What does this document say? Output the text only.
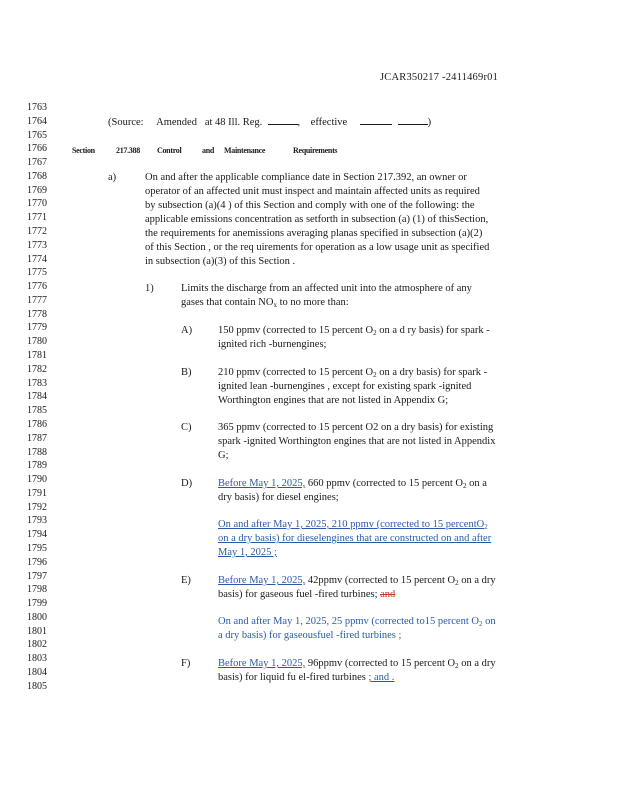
JCAR350217 -2411469r01
1763
1764
1765
1766
1767
1768
1769
1770
1771
1772
1773
1774
1775
1776
1777
1778
1779
1780
1781
1782
1783
1784
1785
1786
1787
1788
1789
1790
1791
1792
1793
1794
1795
1796
1797
1798
1799
1800
1801
1802
1803
1804
1805
(Source: Amended at 48 Ill. Reg.	, effective	)
Section	217.388 Control	and Maintenance	Requirements
a)	On and after the applicable compliance date in Section 217.392, an owner or
operator of an affected unit must inspect and maintain affected units as required
by subsection (a)(4 ) of this Section and comply with one of the following: the
applicable emissions concentration as setforth in subsection (a) (1) of thisSection,
the requirements for anemissions averaging planas specified in subsection (a)(2)
of this Section , or the req uirements for operation as a low usage unit as specified
in subsection (a)(3) of this Section .
1)	Limits the discharge from an affected unit into the atmosphere of any
gases that contain $NO_x$ to no more than:
A) 150 ppmv (corrected to 15 percent $O_2$ on a d ry basis) for spark -
ignited rich -burnengines;
B)	210 ppmv (corrected to 15 percent $O_2$ on a dry basis) for spark -
ignited lean -burnengines , except for existing spark -ignited
Worthington engines that are not listed in Appendix G;
C)	365 ppmv (corrected to 15 percent O2 on a dry basis) for existing
spark -ignited Worthington engines that are not listed in Appendix
G;
D) Before May 1, 2025, 660 ppmv (corrected to 15 percent $O_2$ on a
dry basis) for diesel engines;
On and after May 1, 2025, 210 ppmv (corrected to 15 percentO$_2$
on a dry basis) for dieselengines that are constructed on and after
May 1, 2025 ;
E)	Before May 1, 2025, 42ppmv (corrected to 15 percent $O_2$ on a dry
basis) for gaseous fuel -fired turbines; and
On and after May 1, 2025, 25 ppmv (corrected to15 percent $O_2$ on
a dry basis) for gaseousfuel -fired turbines ;
F)	Before May 1, 2025, 96ppmv (corrected to 15 percent $O_2$ on a dry
basis) for liquid fu el-fired turbines ; and .
